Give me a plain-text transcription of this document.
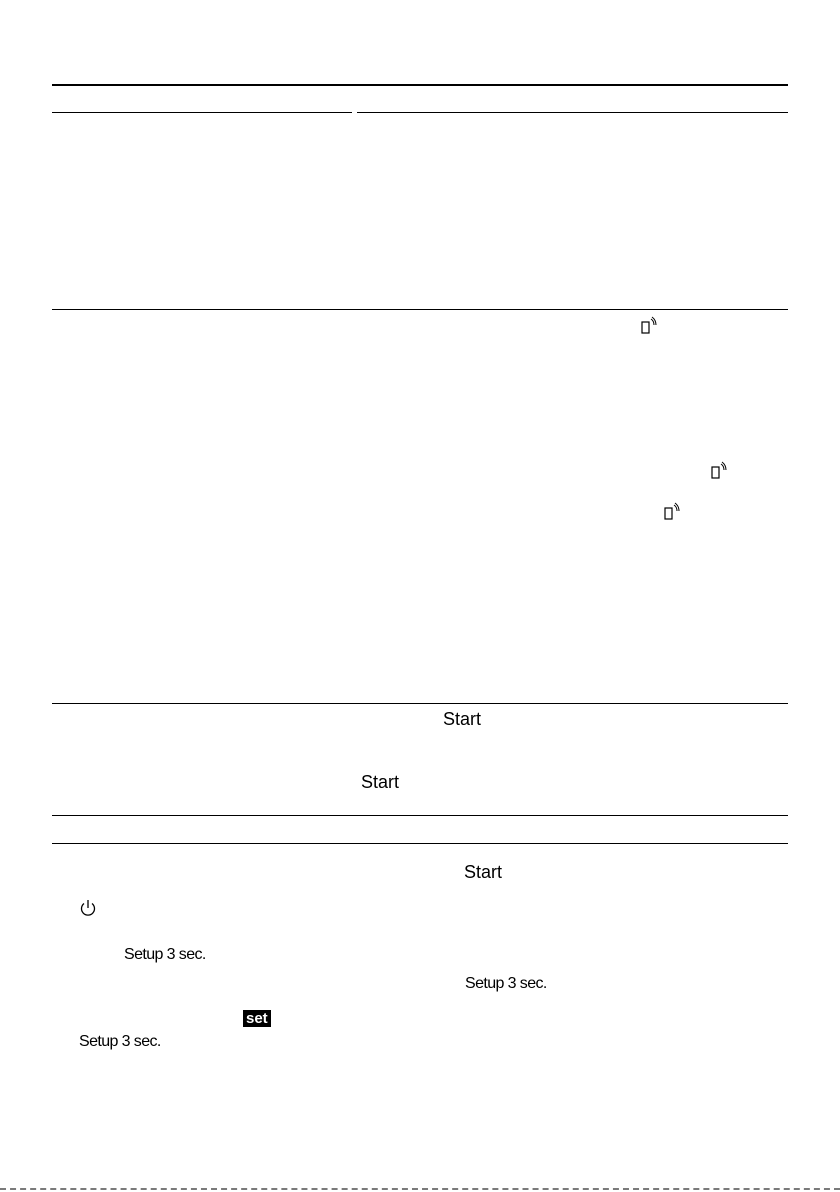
Start
Start
Start
Setup 3 sec.
Setup 3 sec.
Setup 3 sec.
set
